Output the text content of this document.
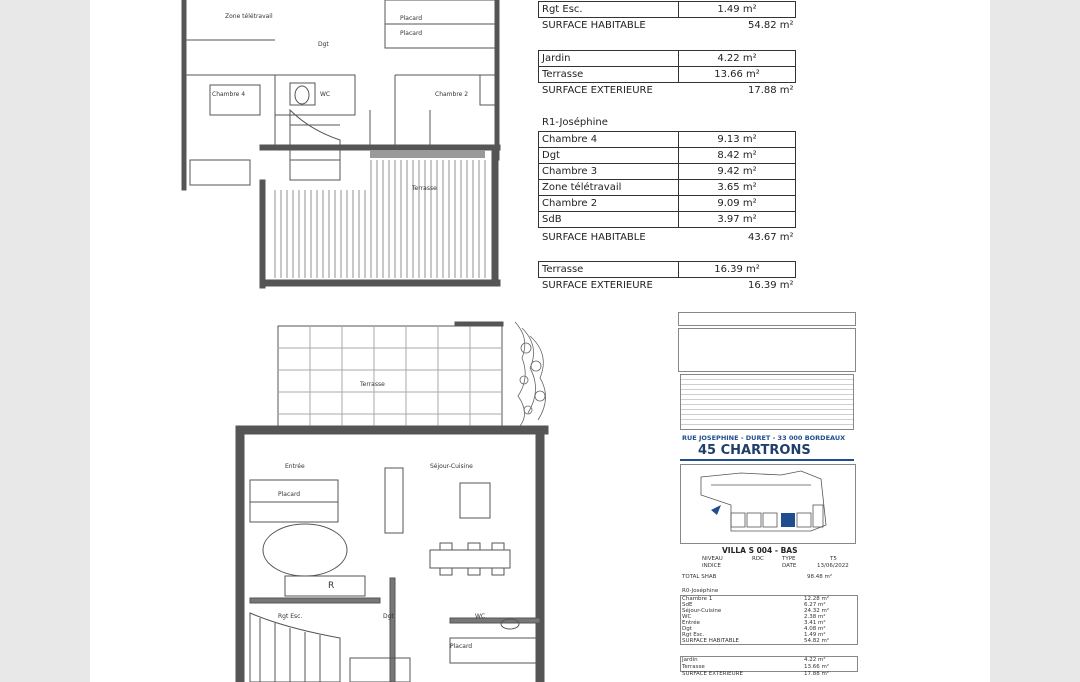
Zone télétravail	Placard
Placard
Dgt
Chambre 4	WC	Chambre 2
Terrasse
Rgt Esc.	1.49 m²
SURFACE HABITABLE	54.82 m²
Jardin	4.22 m²
Terrasse	13.66 m²
SURFACE EXTERIEURE	17.88 m²
R1-Joséphine
Chambre 4	9.13 m²
Dgt	8.42 m²
Chambre 3	9.42 m²
Zone télétravail	3.65 m²
Chambre 2	9.09 m²
SdB	3.97 m²
SURFACE HABITABLE	43.67 m²
Terrasse	16.39 m²
SURFACE EXTERIEURE	16.39 m²
Terrasse
Entrée	Séjour-Cuisine
Placard
R
Rgt Esc.	Dgt	WC
Placard
RUE JOSEPHINE - DURET - 33 000 BORDEAUX
45 CHARTRONS
VILLA S 004 - BAS
NIVEAU	RDC	TYPE	T5
INDICE	DATE	13/06/2022
TOTAL SHAB	98.48 m²
R0-Joséphine
Chambre 1	12.28 m²
SdE	6.27 m²
Séjour-Cuisine	24.32 m²
WC	2.38 m²
Entrée	3.41 m²
Dgt	4.08 m²
Rgt Esc.	1.49 m²
SURFACE HABITABLE	54.82 m²
Jardin	4.22 m²
Terrasse	13.66 m²
SURFACE EXTERIEURE	17.88 m²
